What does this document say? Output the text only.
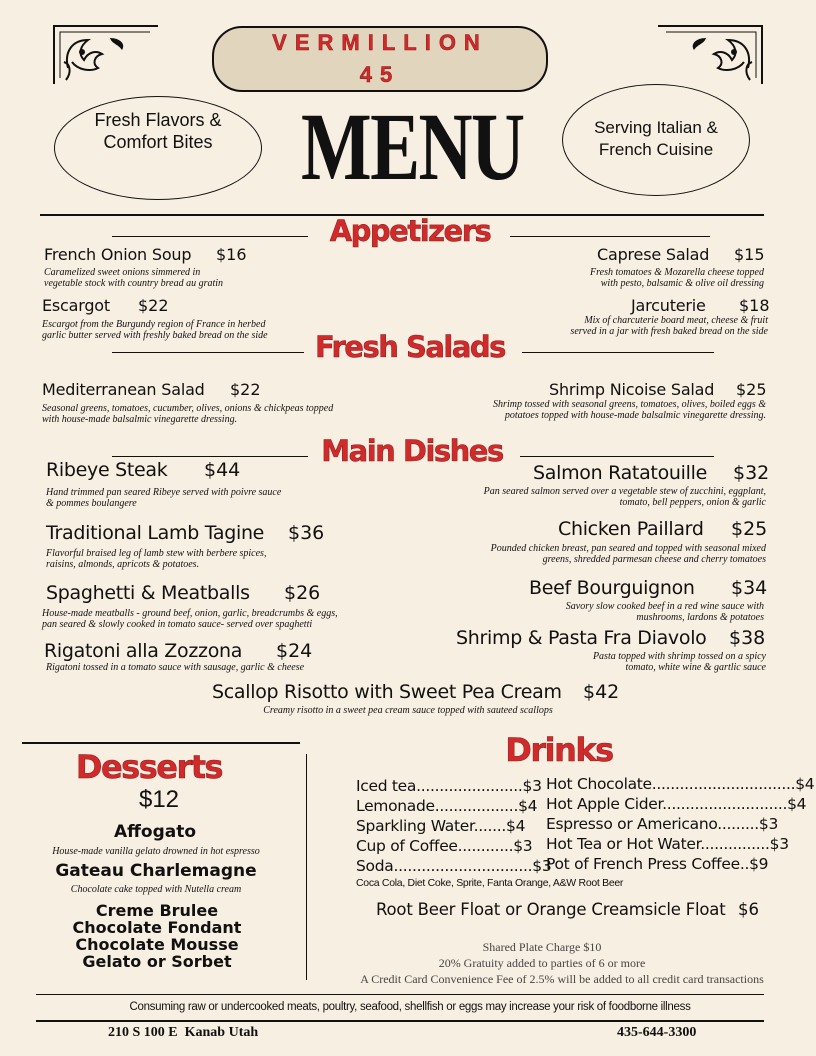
VERMILLION
45
Fresh Flavors &
Comfort Bites MENU	Serving Italian &
French Cuisine
Appetizers
French Onion Soup $16
Caramelized sweet onions simmered in
vegetable stock with country bread au gratin
Caprese Salad $15
Fresh tomatoes & Mozarella cheese topped
with pesto, balsamic & olive oil dressing
Escargot $22
Escargot from the Burgundy region of France in herbed
garlic butter served with freshly baked bread on the side
Jarcuterie $18
Mix of charcuterie board meat, cheese & fruit
served in a jar with fresh baked bread on the side
Fresh Salads
Mediterranean Salad $22
Seasonal greens, tomatoes, cucumber, olives, onions & chickpeas topped
with house-made balsalmic vinegarette dressing.
Shrimp Nicoise Salad $25
Shrimp tossed with seasonal greens, tomatoes, olives, boiled eggs &
potatoes topped with house-made balsalmic vinegarette dressing.
Main Dishes
Ribeye Steak $44
Hand trimmed pan seared Ribeye served with poivre sauce
& pommes boulangere
Salmon Ratatouille $32
Pan seared salmon served over a vegetable stew of zucchini, eggplant,
tomato, bell peppers, onion & garlic
Traditional Lamb Tagine $36
Flavorful braised leg of lamb stew with berbere spices,
raisins, almonds, apricots & potatoes.
Chicken Paillard $25
Pounded chicken breast, pan seared and topped with seasonal mixed
greens, shredded parmesan cheese and cherry tomatoes
Spaghetti & Meatballs $26
House-made meatballs - ground beef, onion, garlic, breadcrumbs & eggs,
pan seared & slowly cooked in tomato sauce- served over spaghetti
Beef Bourguignon $34
Savory slow cooked beef in a red wine sauce with
mushrooms, lardons & potatoes
Shrimp & Pasta Fra Diavolo $38
Pasta topped with shrimp tossed on a spicy
tomato, white wine & gartlic sauce
Rigatoni alla Zozzona $24
Rigatoni tossed in a tomato sauce with sausage, garlic & cheese
Scallop Risotto with Sweet Pea Cream $42
Creamy risotto in a sweet pea cream sauce topped with sauteed scallops
Desserts
$12
Affogato
House-made vanilla gelato drowned in hot espresso
Gateau Charlemagne
Chocolate cake topped with Nutella cream
Creme Brulee
Chocolate Fondant
Chocolate Mousse
Gelato or Sorbet
Drinks
Iced tea.......................$3
Lemonade..................$4
Sparkling Water.......$4
Cup of Coffee............$3
Soda..............................$3
Hot Chocolate...............................$4
Hot Apple Cider...........................$4
Espresso or Americano.........$3
Hot Tea or Hot Water...............$3
Pot of French Press Coffee..$9
Coca Cola, Diet Coke, Sprite, Fanta Orange, A&W Root Beer
Root Beer Float or Orange Creamsicle Float $6
Shared Plate Charge $10
20% Gratuity added to parties of 6 or more
A Credit Card Convenience Fee of 2.5% will be added to all credit card transactions
Consuming raw or undercooked meats, poultry, seafood, shellfish or eggs may increase your risk of foodborne illness
210 S 100 E  Kanab Utah	435-644-3300
